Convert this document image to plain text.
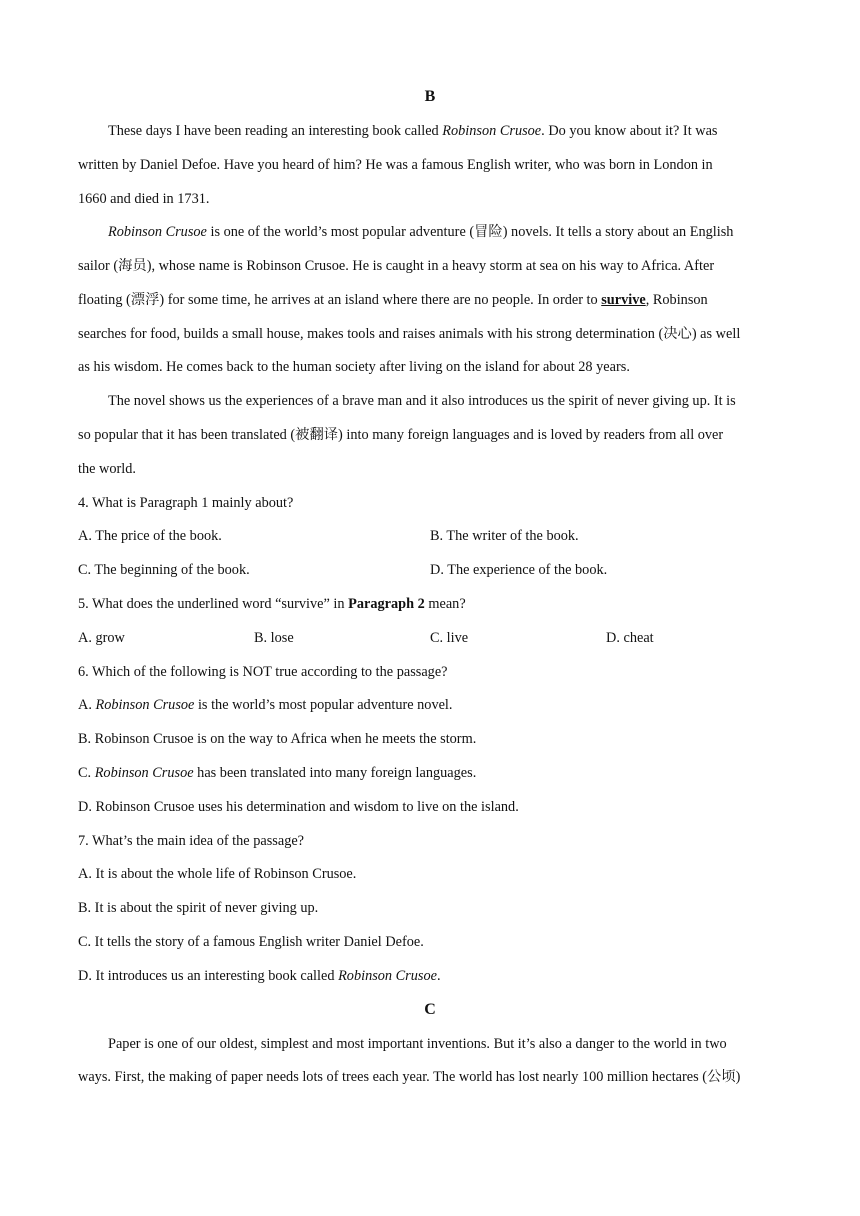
B
These days I have been reading an interesting book called Robinson Crusoe. Do you know about it? It was
written by Daniel Defoe. Have you heard of him? He was a famous English writer, who was born in London in
1660 and died in 1731.
Robinson Crusoe is one of the world’s most popular adventure (冒险) novels. It tells a story about an English
sailor (海员), whose name is Robinson Crusoe. He is caught in a heavy storm at sea on his way to Africa. After
floating (漂浮) for some time, he arrives at an island where there are no people. In order to survive, Robinson
searches for food, builds a small house, makes tools and raises animals with his strong determination (决心) as well
as his wisdom. He comes back to the human society after living on the island for about 28 years.
The novel shows us the experiences of a brave man and it also introduces us the spirit of never giving up. It is
so popular that it has been translated (被翻译) into many foreign languages and is loved by readers from all over
the world.
4. What is Paragraph 1 mainly about?
A. The price of the book.	B. The writer of the book.
C. The beginning of the book.	D. The experience of the book.
5. What does the underlined word “survive” in Paragraph 2 mean?
A. grow	B. lose	C. live	D. cheat
6. Which of the following is NOT true according to the passage?
A. Robinson Crusoe is the world’s most popular adventure novel.
B. Robinson Crusoe is on the way to Africa when he meets the storm.
C. Robinson Crusoe has been translated into many foreign languages.
D. Robinson Crusoe uses his determination and wisdom to live on the island.
7. What’s the main idea of the passage?
A. It is about the whole life of Robinson Crusoe.
B. It is about the spirit of never giving up.
C. It tells the story of a famous English writer Daniel Defoe.
D. It introduces us an interesting book called Robinson Crusoe.
C
Paper is one of our oldest, simplest and most important inventions. But it’s also a danger to the world in two
ways. First, the making of paper needs lots of trees each year. The world has lost nearly 100 million hectares (公顷)
